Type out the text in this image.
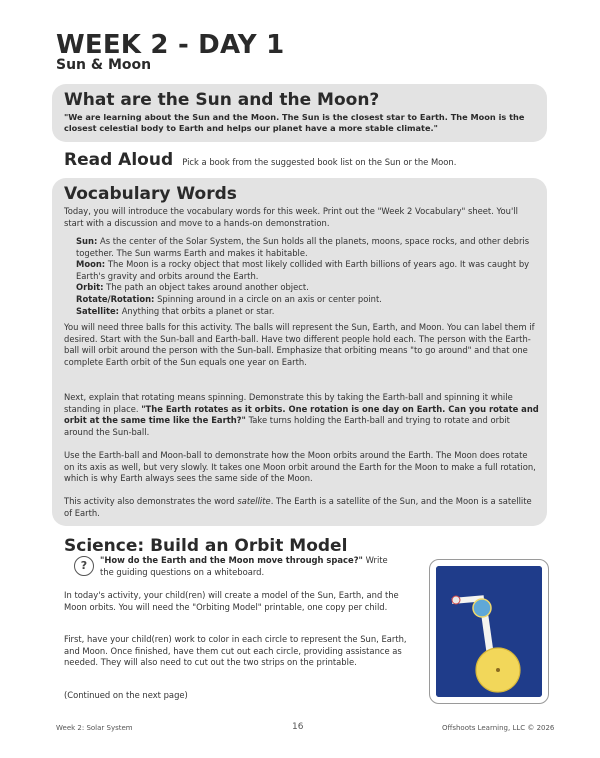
WEEK 2 - DAY 1
Sun & Moon
What are the Sun and the Moon?
"We are learning about the Sun and the Moon. The Sun is the closest star to Earth. The Moon is the closest celestial body to Earth and helps our planet have a more stable climate."
Read Aloud Pick a book from the suggested book list on the Sun or the Moon.
Vocabulary Words
Today, you will introduce the vocabulary words for this week. Print out the "Week 2 Vocabulary" sheet. You'll start with a discussion and move to a hands-on demonstration.
Sun: As the center of the Solar System, the Sun holds all the planets, moons, space rocks, and other debris together. The Sun warms Earth and makes it habitable.
Moon: The Moon is a rocky object that most likely collided with Earth billions of years ago. It was caught by Earth's gravity and orbits around the Earth.
Orbit: The path an object takes around another object.
Rotate/Rotation: Spinning around in a circle on an axis or center point.
Satellite: Anything that orbits a planet or star.
You will need three balls for this activity. The balls will represent the Sun, Earth, and Moon. You can label them if desired. Start with the Sun-ball and Earth-ball. Have two different people hold each. The person with the Earth-ball will orbit around the person with the Sun-ball. Emphasize that orbiting means "to go around" and that one complete Earth orbit of the Sun equals one year on Earth.
Next, explain that rotating means spinning. Demonstrate this by taking the Earth-ball and spinning it while standing in place. "The Earth rotates as it orbits. One rotation is one day on Earth. Can you rotate and orbit at the same time like the Earth?" Take turns holding the Earth-ball and trying to rotate and orbit around the Sun-ball.
Use the Earth-ball and Moon-ball to demonstrate how the Moon orbits around the Earth. The Moon does rotate on its axis as well, but very slowly. It takes one Moon orbit around the Earth for the Moon to make a full rotation, which is why Earth always sees the same side of the Moon.
This activity also demonstrates the word satellite. The Earth is a satellite of the Sun, and the Moon is a satellite of Earth.
Science: Build an Orbit Model
?	"How do the Earth and the Moon move through space?" Write the guiding questions on a whiteboard.
In today's activity, your child(ren) will create a model of the Sun, Earth, and the Moon orbits. You will need the "Orbiting Model" printable, one copy per child.
First, have your child(ren) work to color in each circle to represent the Sun, Earth, and Moon. Once finished, have them cut out each circle, providing assistance as needed. They will also need to cut out the two strips on the printable.
(Continued on the next page)
Week 2: Solar System	16	Offshoots Learning, LLC © 2026
